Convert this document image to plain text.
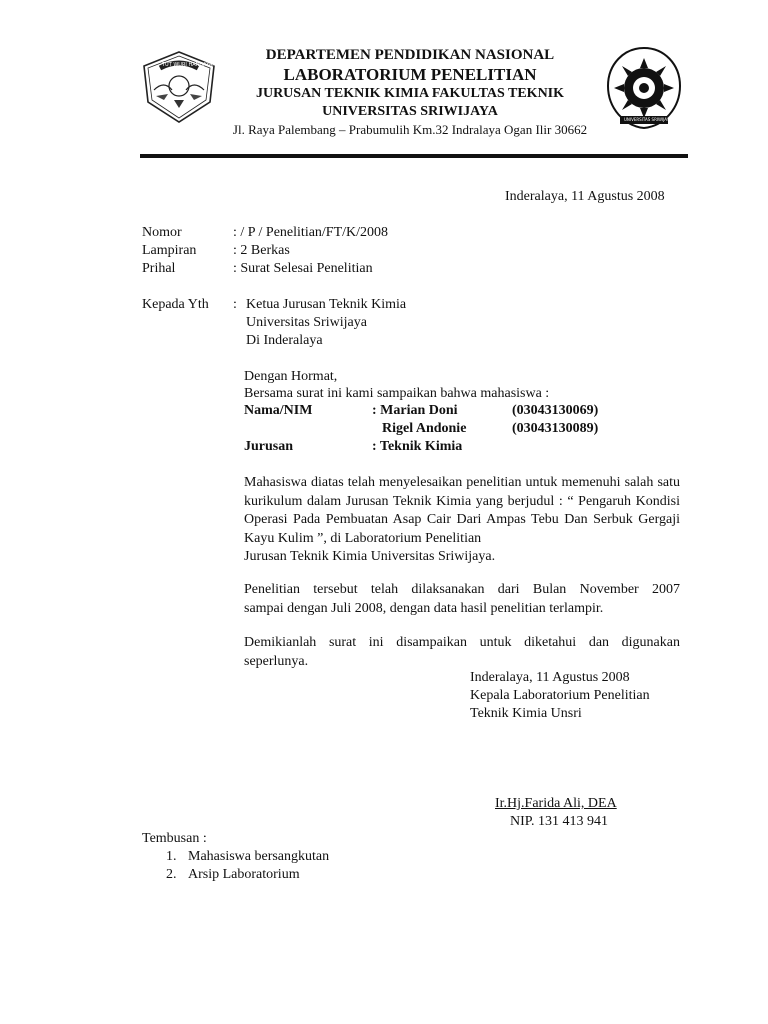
TUT WURI HANDAYANI
UNIVERSITAS SRIWIJAYA
DEPARTEMEN PENDIDIKAN NASIONAL
LABORATORIUM PENELITIAN
JURUSAN TEKNIK KIMIA FAKULTAS TEKNIK
UNIVERSITAS SRIWIJAYA
Jl. Raya Palembang – Prabumulih Km.32 Indralaya Ogan Ilir 30662
Inderalaya, 11 Agustus 2008
Nomor	: / P / Penelitian/FT/K/2008
Lampiran	: 2 Berkas
Prihal	: Surat Selesai Penelitian
Kepada Yth : Ketua Jurusan Teknik Kimia
Universitas Sriwijaya
Di Inderalaya
Dengan Hormat,
Bersama surat ini kami sampaikan bahwa mahasiswa :
Nama/NIM	: Marian Doni	(03043130069)
Rigel Andonie	(03043130089)
Jurusan	: Teknik Kimia
Mahasiswa diatas telah menyelesaikan penelitian untuk memenuhi salah satu kurikulum dalam Jurusan Teknik Kimia yang berjudul : “ Pengaruh Kondisi Operasi Pada Pembuatan Asap Cair Dari Ampas Tebu Dan Serbuk Gergaji Kayu Kulim ”, di Laboratorium Penelitian
Jurusan Teknik Kimia Universitas Sriwijaya.
Penelitian tersebut telah dilaksanakan dari Bulan November 2007
sampai dengan Juli 2008, dengan data hasil penelitian terlampir.
Demikianlah surat ini disampaikan untuk diketahui dan digunakan
seperlunya.
Inderalaya, 11 Agustus 2008
Kepala Laboratorium Penelitian
Teknik Kimia Unsri
Ir.Hj.Farida Ali, DEA
NIP. 131 413 941
Tembusan :
1. Mahasiswa bersangkutan
2. Arsip Laboratorium
